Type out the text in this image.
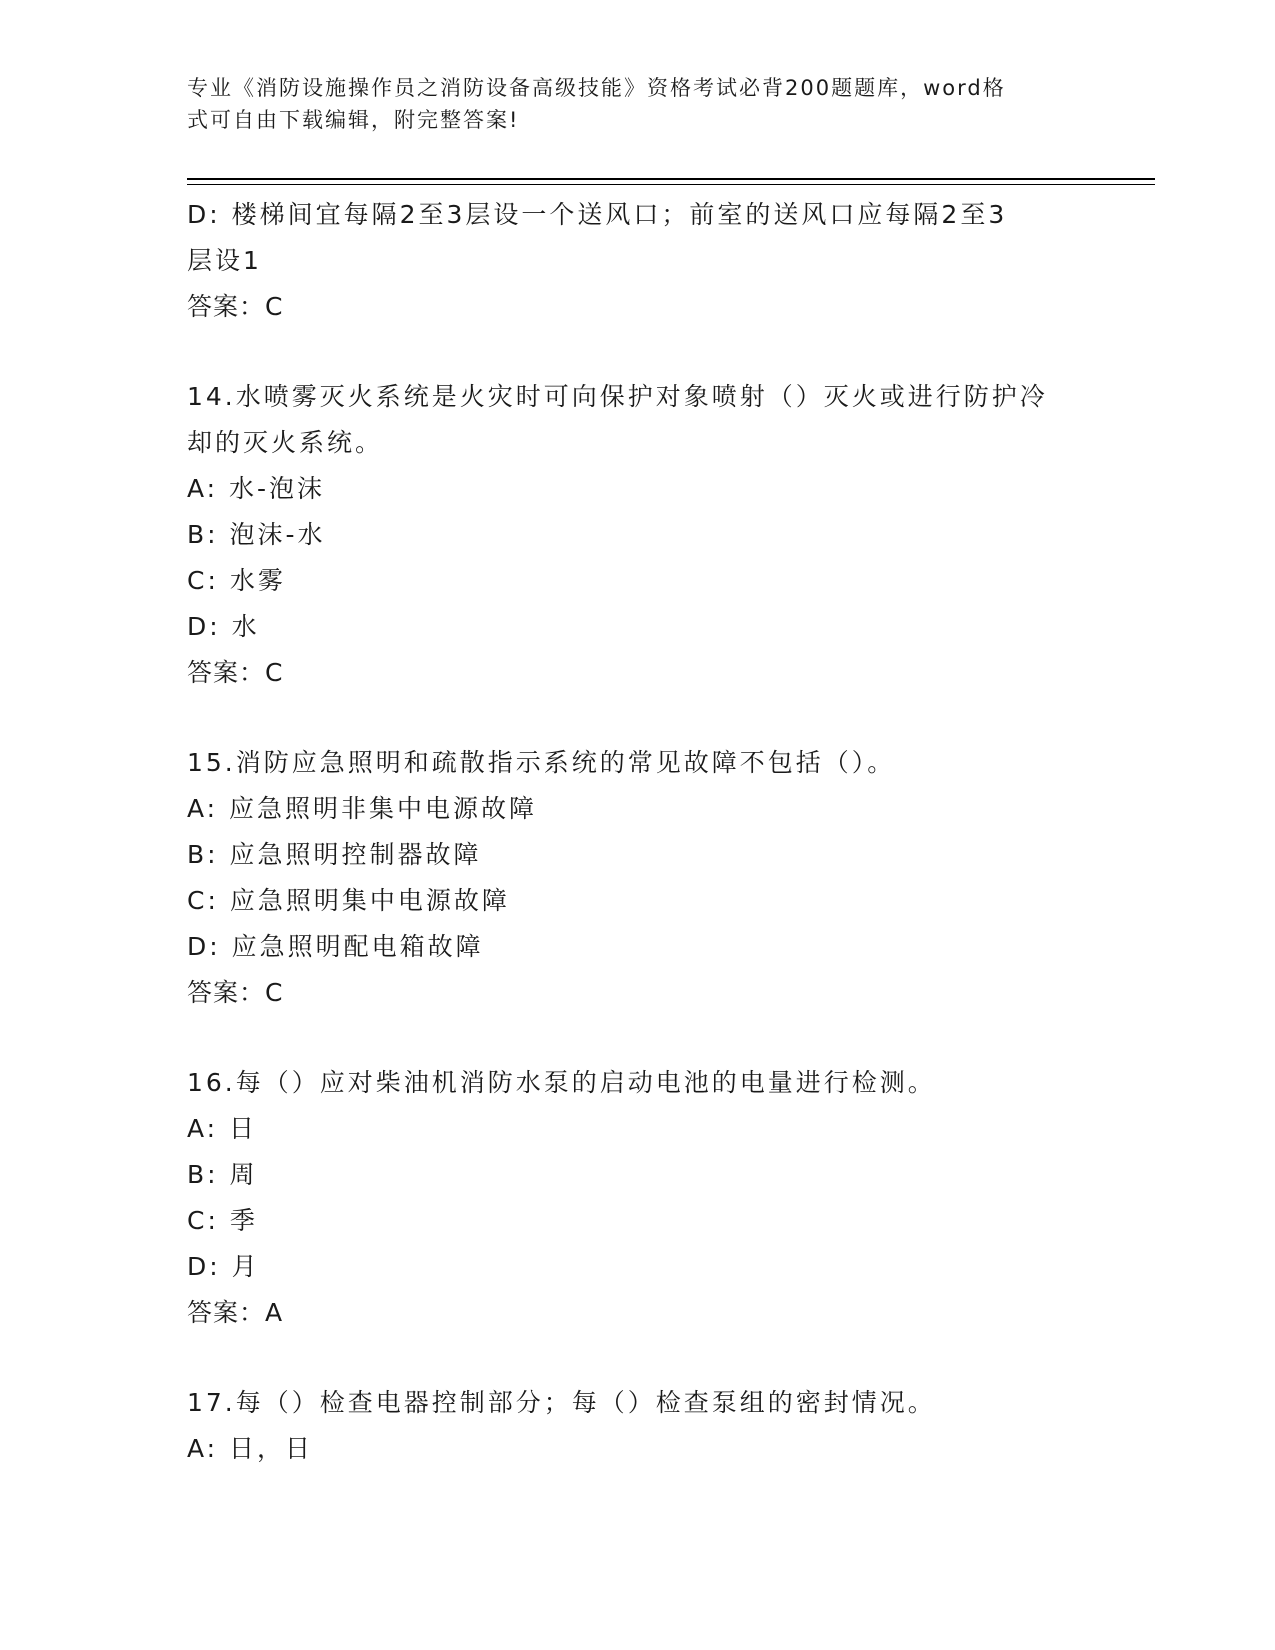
专业《消防设施操作员之消防设备高级技能》资格考试必背200题题库，word格
式可自由下载编辑，附完整答案!
D: 楼梯间宜每隔2至3层设一个送风口；前室的送风口应每隔2至3
层设1
答案：C
14.水喷雾灭火系统是火灾时可向保护对象喷射（）灭火或进行防护冷
却的灭火系统。
A: 水-泡沫
B: 泡沫-水
C: 水雾
D: 水
答案：C
15.消防应急照明和疏散指示系统的常见故障不包括（）。
A: 应急照明非集中电源故障
B: 应急照明控制器故障
C: 应急照明集中电源故障
D: 应急照明配电箱故障
答案：C
16.每（）应对柴油机消防水泵的启动电池的电量进行检测。
A: 日
B: 周
C: 季
D: 月
答案：A
17.每（）检查电器控制部分；每（）检查泵组的密封情况。
A: 日，日
